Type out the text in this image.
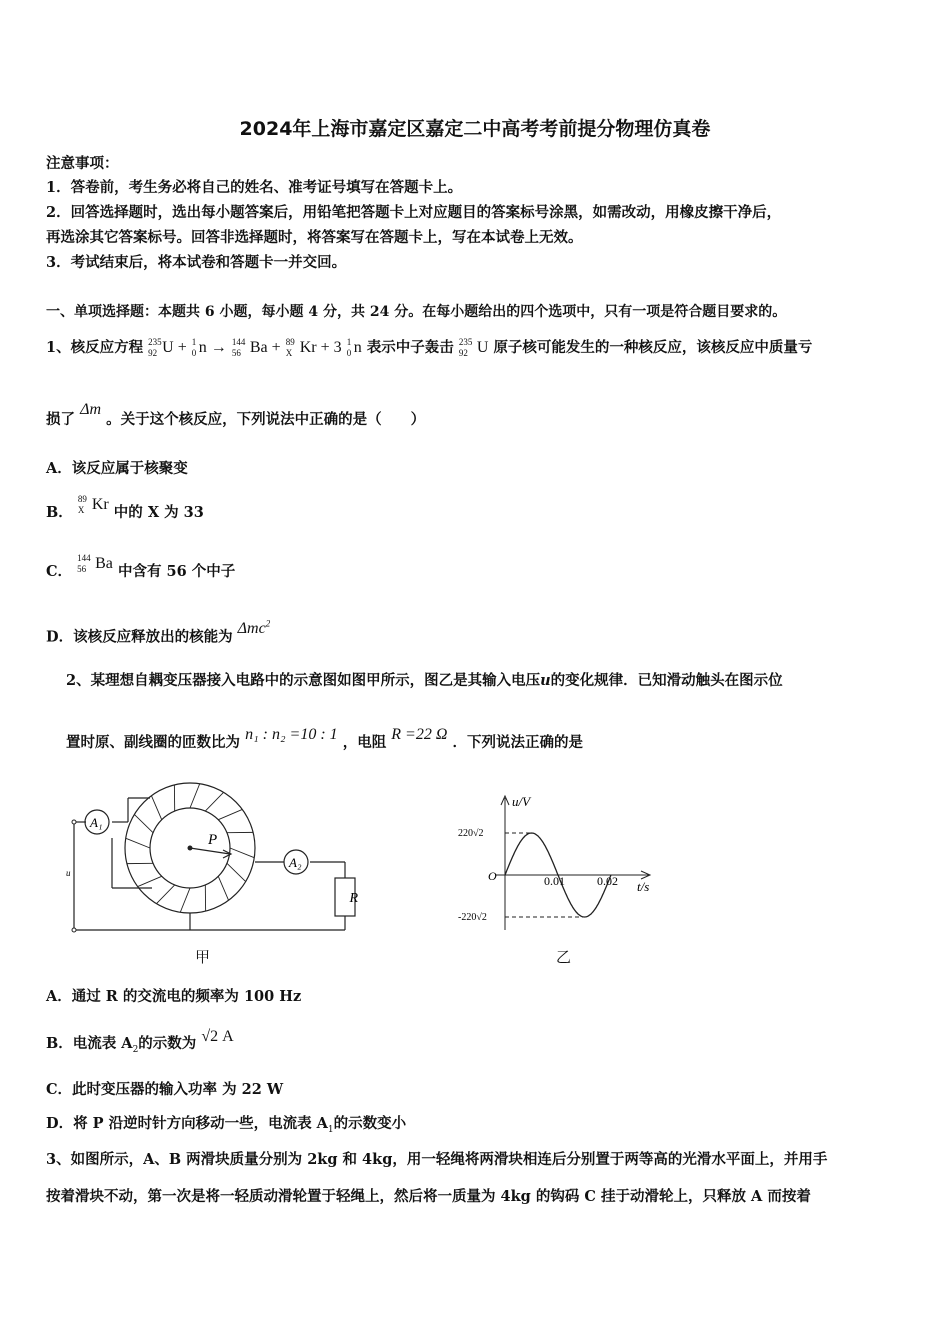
2024年上海市嘉定区嘉定二中高考考前提分物理仿真卷
注意事项：
1．答卷前，考生务必将自己的姓名、准考证号填写在答题卡上。
2．回答选择题时，选出每小题答案后，用铅笔把答题卡上对应题目的答案标号涂黑，如需改动，用橡皮擦干净后，
再选涂其它答案标号。回答非选择题时，将答案写在答题卡上，写在本试卷上无效。
3．考试结束后，将本试卷和答题卡一并交回。
一、单项选择题：本题共 6 小题，每小题 4 分，共 24 分。在每小题给出的四个选项中，只有一项是符合题目要求的。
1、核反应方程 235
92 U + 1
0 n → 144
56 Ba + 89
X Kr + 3 1
0 n 表示中子轰击 235
92 U 原子核可能发生的一种核反应，该核反应中质量亏
损了 Δm 。关于这个核反应，下列说法中正确的是（　　）
A．该反应属于核聚变
B．
89
X Kr 中的 X 为 33
C．
144
56 Ba 中含有 56 个中子
D．该核反应释放出的核能为 Δmc$^2$
2、某理想自耦变压器接入电路中的示意图如图甲所示，图乙是其输入电压u的变化规律．已知滑动触头在图示位
置时原、副线圈的匝数比为 n₁ : n₂ =10 : 1 ，电阻 R =22 Ω ．下列说法正确的是
A₁
A₂
P
R
u
甲
u/V
t/s
O
220√2
-220√2
0.01	0.02
乙
A．通过 R 的交流电的频率为 100 Hz
B．电流表 $A_2$的示数为 √2 A
C．此时变压器的输入功率 为 22 W
D．将 P 沿逆时针方向移动一些，电流表 $A_1$的示数变小
3、如图所示，A、B 两滑块质量分别为 2kg 和 4kg，用一轻绳将两滑块相连后分别置于两等高的光滑水平面上，并用手
按着滑块不动，第一次是将一轻质动滑轮置于轻绳上，然后将一质量为 4kg 的钩码 C 挂于动滑轮上，只释放 A 而按着
